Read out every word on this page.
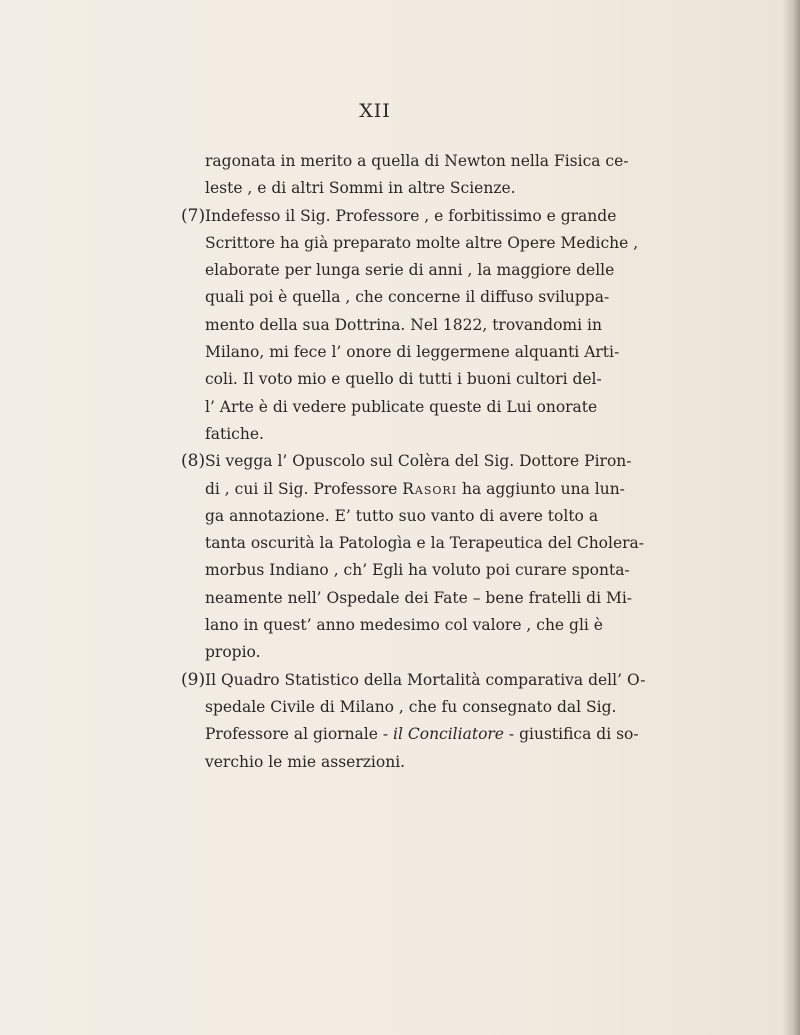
XII

ragonata in merito a quella di Newton nella Fisica ce-
leste , e di altri Sommi in altre Scienze.

(7) Indefesso il Sig. Professore , e forbitissimo e grande
Scrittore ha già preparato molte altre Opere Mediche ,
elaborate per lunga serie di anni , la maggiore delle
quali poi è quella , che concerne il diffuso sviluppa-
mento della sua Dottrina. Nel 1822, trovandomi in
Milano, mi fece l’ onore di leggermene alquanti Arti-
coli. Il voto mio e quello di tutti i buoni cultori del-
l’ Arte è di vedere publicate queste di Lui onorate
fatiche.

(8) Si vegga l’ Opuscolo sul Colèra del Sig. Dottore Piron-
di , cui il Sig. Professore Rasori ha aggiunto una lun-
ga annotazione. E’ tutto suo vanto di avere tolto a
tanta oscurità la Patologìa e la Terapeutica del Cholera-
morbus Indiano , ch’ Egli ha voluto poi curare sponta-
neamente nell’ Ospedale dei Fate – bene fratelli di Mi-
lano in quest’ anno medesimo col valore , che gli è
propio.

(9) Il Quadro Statistico della Mortalità comparativa dell’ O-
spedale Civile di Milano , che fu consegnato dal Sig.
Professore al giornale - il Conciliatore - giustifica di so-
verchio le mie asserzioni.
